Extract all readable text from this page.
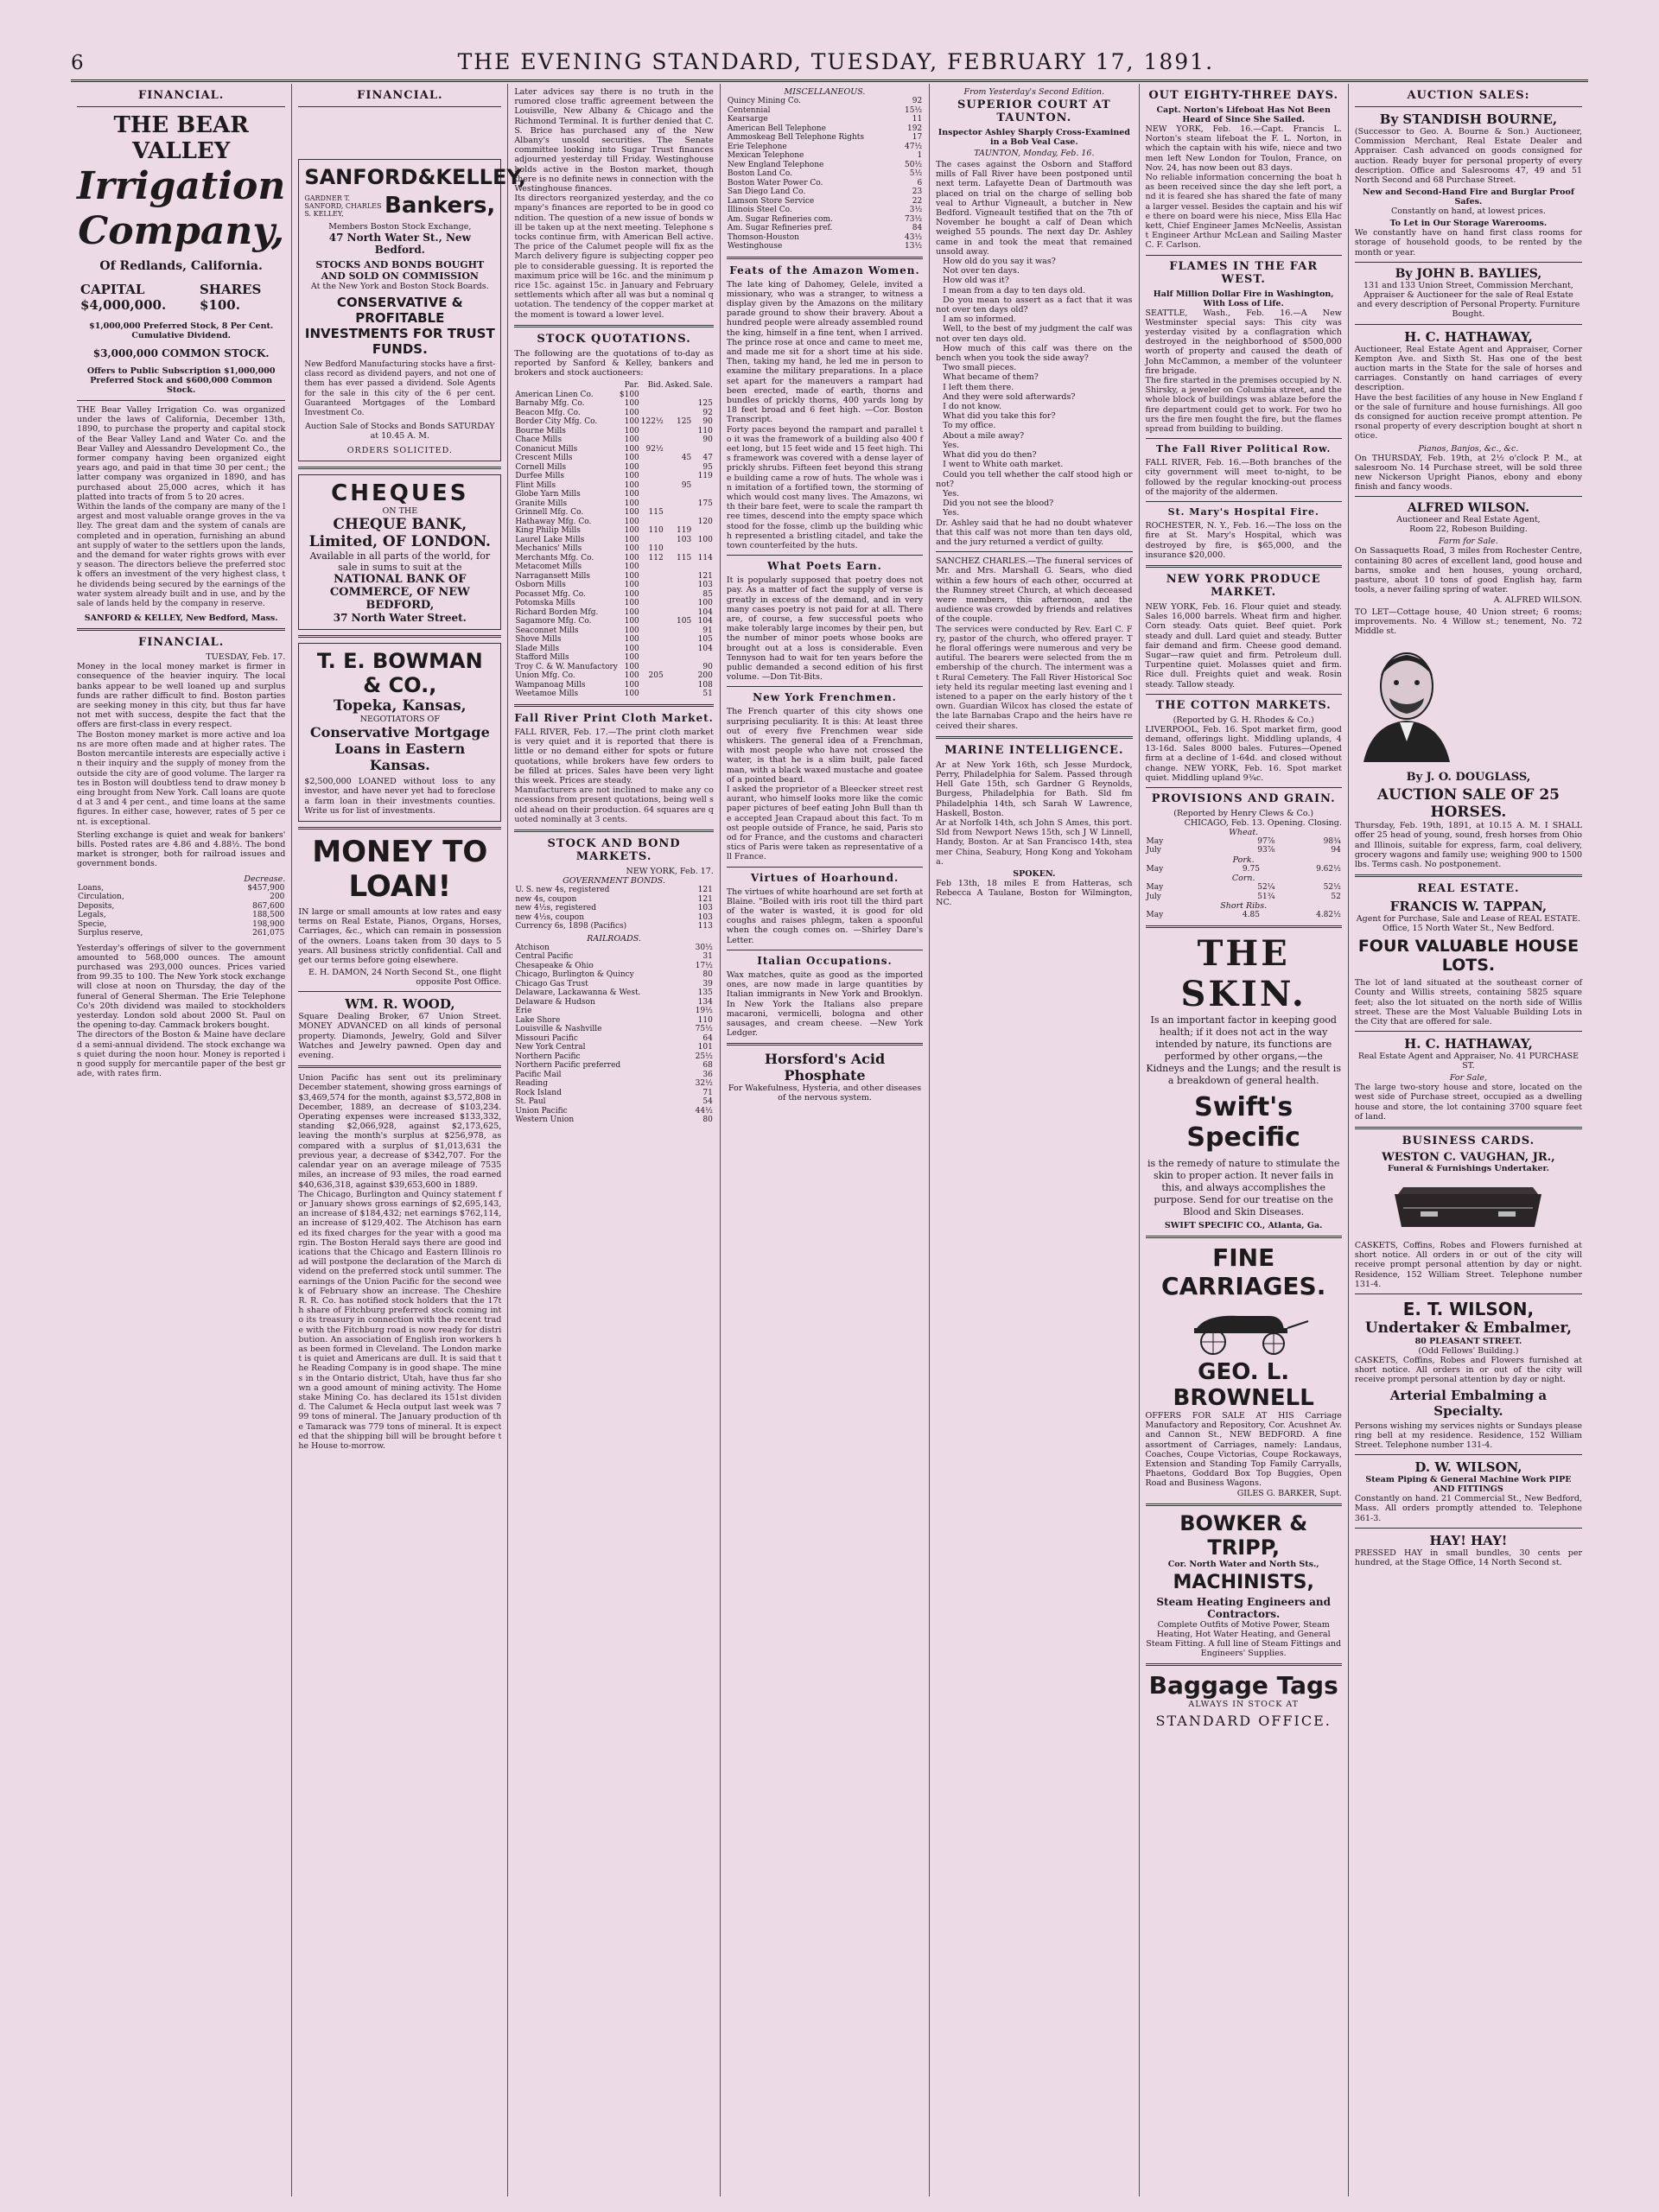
6	THE EVENING STANDARD, TUESDAY, FEBRUARY 17, 1891.
FINANCIAL.
THE BEAR VALLEY
Irrigation Company,
Of Redlands, California.
CAPITAL $4,000,000.
SHARES $100.
$1,000,000 Preferred Stock, 8 Per Cent. Cumulative Dividend.
$3,000,000 COMMON STOCK.
Offers to Public Subscription $1,000,000 Preferred Stock and $600,000 Common Stock.
THE Bear Valley Irrigation Co. was organized under the laws of California, December 13th, 1890, to purchase the property and capital stock of the Bear Valley Land and Water Co. and the Bear Valley and Alessandro Development Co., the former company having been organized eight years ago, and paid in that time 30 per cent.; the latter company was organized in 1890, and has purchased about 25,000 acres, which it has platted into tracts of from 5 to 20 acres.
Within the lands of the company are many of the largest and most valuable orange groves in the valley. The great dam and the system of canals are completed and in operation, furnishing an abundant supply of water to the settlers upon the lands, and the demand for water rights grows with every season. The directors believe the preferred stock offers an investment of the very highest class, the dividends being secured by the earnings of the water system already built and in use, and by the sale of lands held by the company in reserve.
SANFORD & KELLEY, New Bedford, Mass.
FINANCIAL.
TUESDAY, Feb. 17.
Money in the local money market is firmer in consequence of the heavier inquiry. The local banks appear to be well loaned up and surplus funds are rather difficult to find. Boston parties are seeking money in this city, but thus far have not met with success, despite the fact that the offers are first-class in every respect.
The Boston money market is more active and loans are more often made and at higher rates. The Boston mercantile interests are especially active in their inquiry and the supply of money from the outside the city are of good volume. The larger rates in Boston will doubtless tend to draw money being brought from New York. Call loans are quoted at 3 and 4 per cent., and time loans at the same figures. In either case, however, rates of 5 per cent. is exceptional.
Sterling exchange is quiet and weak for bankers' bills. Posted rates are 4.86 and 4.88½. The bond market is stronger, both for railroad issues and government bonds.
Decrease.
Loans,	$457,900
Circulation,	200
Deposits,	867,600
Legals,	188,500
Specie,	198,900
Surplus reserve,	261,075
Yesterday's offerings of silver to the government amounted to 568,000 ounces. The amount purchased was 293,000 ounces. Prices varied from 99.35 to 100. The New York stock exchange will close at noon on Thursday, the day of the funeral of General Sherman. The Erie Telephone Co's 20th dividend was mailed to stockholders yesterday. London sold about 2000 St. Paul on the opening to-day. Cammack brokers bought.
The directors of the Boston & Maine have declared a semi-annual dividend. The stock exchange was quiet during the noon hour. Money is reported in good supply for mercantile paper of the best grade, with rates firm.
FINANCIAL.
SANFORD&KELLEY,
GARDNER T. SANFORD, CHARLES S. KELLEY,	Bankers,
Members Boston Stock Exchange,
47 North Water St., New Bedford.
STOCKS AND BONDS BOUGHT AND SOLD ON COMMISSION
At the New York and Boston Stock Boards.
CONSERVATIVE & PROFITABLE INVESTMENTS FOR TRUST FUNDS.
New Bedford Manufacturing stocks have a first-class record as dividend payers, and not one of them has ever passed a dividend. Sole Agents for the sale in this city of the 6 per cent. Guaranteed Mortgages of the Lombard Investment Co.
Auction Sale of Stocks and Bonds SATURDAY at 10.45 A. M.
ORDERS SOLICITED.
CHEQUES
ON THE
CHEQUE BANK, Limited, OF LONDON.
Available in all parts of the world, for sale in sums to suit at the
NATIONAL BANK OF COMMERCE, OF NEW BEDFORD,
37 North Water Street.
T. E. BOWMAN & CO.,
Topeka, Kansas,
NEGOTIATORS OF
Conservative Mortgage Loans in Eastern Kansas.
$2,500,000 LOANED without loss to any investor, and have never yet had to foreclose a farm loan in their investments counties. Write us for list of investments.
MONEY TO LOAN!
IN large or small amounts at low rates and easy terms on Real Estate, Pianos, Organs, Horses, Carriages, &c., which can remain in possession of the owners. Loans taken from 30 days to 5 years. All business strictly confidential. Call and get our terms before going elsewhere.
E. H. DAMON, 24 North Second St., one flight opposite Post Office.
WM. R. WOOD,
Square Dealing Broker, 67 Union Street. MONEY ADVANCED on all kinds of personal property. Diamonds, Jewelry, Gold and Silver Watches and Jewelry pawned. Open day and evening.
Union Pacific has sent out its preliminary December statement, showing gross earnings of $3,469,574 for the month, against $3,572,808 in December, 1889, an decrease of $103,234. Operating expenses were increased $133,332, standing $2,066,928, against $2,173,625, leaving the month's surplus at $256,978, as compared with a surplus of $1,013,631 the previous year, a decrease of $342,707. For the calendar year on an average mileage of 7535 miles, an increase of 93 miles, the road earned $40,636,318, against $39,653,600 in 1889.
The Chicago, Burlington and Quincy statement for January shows gross earnings of $2,695,143, an increase of $184,432; net earnings $762,114, an increase of $129,402. The Atchison has earned its fixed charges for the year with a good margin. The Boston Herald says there are good indications that the Chicago and Eastern Illinois road will postpone the declaration of the March dividend on the preferred stock until summer. The earnings of the Union Pacific for the second week of February show an increase. The Cheshire R. R. Co. has notified stock holders that the 17th share of Fitchburg preferred stock coming into its treasury in connection with the recent trade with the Fitchburg road is now ready for distribution. An association of English iron workers has been formed in Cleveland. The London market is quiet and Americans are dull. It is said that the Reading Company is in good shape. The mines in the Ontario district, Utah, have thus far shown a good amount of mining activity. The Homestake Mining Co. has declared its 151st dividend. The Calumet & Hecla output last week was 799 tons of mineral. The January production of the Tamarack was 779 tons of mineral. It is expected that the shipping bill will be brought before the House to-morrow.
Later advices say there is no truth in the rumored close traffic agreement between the Louisville, New Albany & Chicago and the Richmond Terminal. It is further denied that C. S. Brice has purchased any of the New Albany's unsold securities. The Senate committee looking into Sugar Trust finances adjourned yesterday till Friday. Westinghouse holds active in the Boston market, though there is no definite news in connection with the Westinghouse finances.
Its directors reorganized yesterday, and the company's finances are reported to be in good condition. The question of a new issue of bonds will be taken up at the next meeting. Telephone stocks continue firm, with American Bell active. The price of the Calumet people will fix as the March delivery figure is subjecting copper people to considerable guessing. It is reported the maximum price will be 16c. and the minimum price 15c. against 15c. in January and February settlements which after all was but a nominal quotation. The tendency of the copper market at the moment is toward a lower level.
STOCK QUOTATIONS.
The following are the quotations of to-day as reported by Sanford & Kelley, bankers and brokers and stock auctioneers:
	Par.	Bid.	Asked.	Sale.
American Linen Co.	$100			
Barnaby Mfg. Co.	100			125
Beacon Mfg. Co.	100			92
Border City Mfg. Co.	100	122½	125	90
Bourne Mills	100			110
Chace Mills	100			90
Conanicut Mills	100	92½		
Crescent Mills	100		45	47
Cornell Mills	100			95
Durfee Mills	100			119
Flint Mills	100		95	
Globe Yarn Mills	100			
Granite Mills	100			175
Grinnell Mfg. Co.	100	115		
Hathaway Mfg. Co.	100			120
King Philip Mills	100	110	119	
Laurel Lake Mills	100		103	100
Mechanics' Mills	100	110		
Merchants Mfg. Co.	100	112	115	114
Metacomet Mills	100			
Narragansett Mills	100			121
Osborn Mills	100			103
Pocasset Mfg. Co.	100			85
Potomska Mills	100			100
Richard Borden Mfg.	100			104
Sagamore Mfg. Co.	100		105	104
Seaconnet Mills	100			91
Shove Mills	100			105
Slade Mills	100			104
Stafford Mills	100			
Troy C. & W. Manufactory	100			90
Union Mfg. Co.	100	205		200
Wampanoag Mills	100			108
Weetamoe Mills	100			51
Fall River Print Cloth Market.
FALL RIVER, Feb. 17.—The print cloth market is very quiet and it is reported that there is little or no demand either for spots or future quotations, while brokers have few orders to be filled at prices. Sales have been very light this week. Prices are steady.
Manufacturers are not inclined to make any concessions from present quotations, being well sold ahead on their production. 64 squares are quoted nominally at 3 cents.
STOCK AND BOND MARKETS.
NEW YORK, Feb. 17.
GOVERNMENT BONDS.
U. S. new 4s, registered	121
new 4s, coupon	121
new 4½s, registered	103
new 4½s, coupon	103
Currency 6s, 1898 (Pacifics)	113
RAILROADS.
Atchison	30½
Central Pacific	31
Chesapeake & Ohio	17½
Chicago, Burlington & Quincy	80
Chicago Gas Trust	39
Delaware, Lackawanna & West.	135
Delaware & Hudson	134
Erie	19½
Lake Shore	110
Louisville & Nashville	75½
Missouri Pacific	64
New York Central	101
Northern Pacific	25½
Northern Pacific preferred	68
Pacific Mail	36
Reading	32½
Rock Island	71
St. Paul	54
Union Pacific	44½
Western Union	80
MISCELLANEOUS.
Quincy Mining Co.	92
Centennial	15½
Kearsarge	11
American Bell Telephone	192
Ammoskeag Bell Telephone Rights	17
Erie Telephone	47½
Mexican Telephone	1
New England Telephone	50½
Boston Land Co.	5½
Boston Water Power Co.	6
San Diego Land Co.	23
Lamson Store Service	22
Illinois Steel Co.	3½
Am. Sugar Refineries com.	73½
Am. Sugar Refineries pref.	84
Thomson-Houston	43½
Westinghouse	13½
Feats of the Amazon Women.
The late king of Dahomey, Gelele, invited a missionary, who was a stranger, to witness a display given by the Amazons on the military parade ground to show their bravery. About a hundred people were already assembled round the king, himself in a fine tent, when I arrived. The prince rose at once and came to meet me, and made me sit for a short time at his side. Then, taking my hand, he led me in person to examine the military preparations. In a place set apart for the maneuvers a rampart had been erected, made of earth, thorns and bundles of prickly thorns, 400 yards long by 18 feet broad and 6 feet high. —Cor. Boston Transcript.
Forty paces beyond the rampart and parallel to it was the framework of a building also 400 feet long, but 15 feet wide and 15 feet high. This framework was covered with a dense layer of prickly shrubs. Fifteen feet beyond this strange building came a row of huts. The whole was in imitation of a fortified town, the storming of which would cost many lives. The Amazons, with their bare feet, were to scale the rampart three times, descend into the empty space which stood for the fosse, climb up the building which represented a bristling citadel, and take the town counterfeited by the huts.
What Poets Earn.
It is popularly supposed that poetry does not pay. As a matter of fact the supply of verse is greatly in excess of the demand, and in very many cases poetry is not paid for at all. There are, of course, a few successful poets who make tolerably large incomes by their pen, but the number of minor poets whose books are brought out at a loss is considerable. Even Tennyson had to wait for ten years before the public demanded a second edition of his first volume. —Don Tit-Bits.
New York Frenchmen.
The French quarter of this city shows one surprising peculiarity. It is this: At least three out of every five Frenchmen wear side whiskers. The general idea of a Frenchman, with most people who have not crossed the water, is that he is a slim built, pale faced man, with a black waxed mustache and goatee of a pointed beard.
I asked the proprietor of a Bleecker street restaurant, who himself looks more like the comic paper pictures of beef eating John Bull than the accepted Jean Crapaud about this fact. To most people outside of France, he said, Paris stood for France, and the customs and characteristics of Paris were taken as representative of all France.
Virtues of Hoarhound.
The virtues of white hoarhound are set forth at Blaine. "Boiled with iris root till the third part of the water is wasted, it is good for old coughs and raises phlegm, taken a spoonful when the cough comes on. —Shirley Dare's Letter.
Italian Occupations.
Wax matches, quite as good as the imported ones, are now made in large quantities by Italian immigrants in New York and Brooklyn. In New York the Italians also prepare macaroni, vermicelli, bologna and other sausages, and cream cheese. —New York Ledger.
Horsford's Acid Phosphate
For Wakefulness, Hysteria, and other diseases of the nervous system.
From Yesterday's Second Edition.
SUPERIOR COURT AT TAUNTON.
Inspector Ashley Sharply Cross-Examined in a Bob Veal Case.
TAUNTON, Monday, Feb. 16.
The cases against the Osborn and Stafford mills of Fall River have been postponed until next term. Lafayette Dean of Dartmouth was placed on trial on the charge of selling bob veal to Arthur Vigneault, a butcher in New Bedford. Vigneault testified that on the 7th of November he bought a calf of Dean which weighed 55 pounds. The next day Dr. Ashley came in and took the meat that remained unsold away.
How old do you say it was?
Not over ten days.
How old was it?
I mean from a day to ten days old.
Do you mean to assert as a fact that it was not over ten days old?
I am so informed.
Well, to the best of my judgment the calf was not over ten days old.
How much of this calf was there on the bench when you took the side away?
Two small pieces.
What became of them?
I left them there.
And they were sold afterwards?
I do not know.
What did you take this for?
To my office.
About a mile away?
Yes.
What did you do then?
I went to White oath market.
Could you tell whether the calf stood high or not?
Yes.
Did you not see the blood?
Yes.
Dr. Ashley said that he had no doubt whatever that this calf was not more than ten days old, and the jury returned a verdict of guilty.
SANCHEZ CHARLES.—The funeral services of Mr. and Mrs. Marshall G. Sears, who died within a few hours of each other, occurred at the Rumney street Church, at which deceased were members, this afternoon, and the audience was crowded by friends and relatives of the couple.
The services were conducted by Rev. Earl C. Fry, pastor of the church, who offered prayer. The floral offerings were numerous and very beautiful. The bearers were selected from the membership of the church. The interment was at Rural Cemetery. The Fall River Historical Society held its regular meeting last evening and listened to a paper on the early history of the town. Guardian Wilcox has closed the estate of the late Barnabas Crapo and the heirs have received their shares.
MARINE INTELLIGENCE.
Ar at New York 16th, sch Jesse Murdock, Perry, Philadelphia for Salem. Passed through Hell Gate 15th, sch Gardner G Reynolds, Burgess, Philadelphia for Bath. Sld fm Philadelphia 14th, sch Sarah W Lawrence, Haskell, Boston.
Ar at Norfolk 14th, sch John S Ames, this port. Sld from Newport News 15th, sch J W Linnell, Handy, Boston. Ar at San Francisco 14th, steamer China, Seabury, Hong Kong and Yokohama.
SPOKEN.
Feb 13th, 18 miles E from Hatteras, sch Rebecca A Taulane, Boston for Wilmington, NC.
OUT EIGHTY-THREE DAYS.
Capt. Norton's Lifeboat Has Not Been Heard of Since She Sailed.
NEW YORK, Feb. 16.—Capt. Francis L. Norton's steam lifeboat the F. L. Norton, in which the captain with his wife, niece and two men left New London for Toulon, France, on Nov. 24, has now been out 83 days.
No reliable information concerning the boat has been received since the day she left port, and it is feared she has shared the fate of many a larger vessel. Besides the captain and his wife there on board were his niece, Miss Ella Hackett, Chief Engineer James McNeelis, Assistant Engineer Arthur McLean and Sailing Master C. F. Carlson.
FLAMES IN THE FAR WEST.
Half Million Dollar Fire in Washington, With Loss of Life.
SEATTLE, Wash., Feb. 16.—A New Westminster special says: This city was yesterday visited by a conflagration which destroyed in the neighborhood of $500,000 worth of property and caused the death of John McCammon, a member of the volunteer fire brigade.
The fire started in the premises occupied by N. Shirsky, a jeweler on Columbia street, and the whole block of buildings was ablaze before the fire department could get to work. For two hours the fire men fought the fire, but the flames spread from building to building.
The Fall River Political Row.
FALL RIVER, Feb. 16.—Both branches of the city government will meet to-night, to be followed by the regular knocking-out process of the majority of the aldermen.
St. Mary's Hospital Fire.
ROCHESTER, N. Y., Feb. 16.—The loss on the fire at St. Mary's Hospital, which was destroyed by fire, is $65,000, and the insurance $20,000.
NEW YORK PRODUCE MARKET.
NEW YORK, Feb. 16. Flour quiet and steady. Sales 16,000 barrels. Wheat firm and higher. Corn steady. Oats quiet. Beef quiet. Pork steady and dull. Lard quiet and steady. Butter fair demand and firm. Cheese good demand. Sugar—raw quiet and firm. Petroleum dull. Turpentine quiet. Molasses quiet and firm. Rice dull. Freights quiet and weak. Rosin steady. Tallow steady.
THE COTTON MARKETS.
(Reported by G. H. Rhodes & Co.)
LIVERPOOL, Feb. 16. Spot market firm, good demand, offerings light. Middling uplands, 4 13-16d. Sales 8000 bales. Futures—Opened firm at a decline of 1-64d. and closed without change. NEW YORK, Feb. 16. Spot market quiet. Middling upland 9¾c.
PROVISIONS AND GRAIN.
(Reported by Henry Clews & Co.)
CHICAGO, Feb. 13. Opening. Closing.
Wheat.
May	97⅞	98¾
July	93⅞	94
Pork.
May	9.75	9.62½
Corn.
May	52¼	52½
July	51¾	52
Short Ribs.
May	4.85	4.82½
THE SKIN.
Is an important factor in keeping good health; if it does not act in the way intended by nature, its functions are performed by other organs,—the Kidneys and the Lungs; and the result is a breakdown of general health.
Swift's Specific
is the remedy of nature to stimulate the skin to proper action. It never fails in this, and always accomplishes the purpose. Send for our treatise on the Blood and Skin Diseases.
SWIFT SPECIFIC CO., Atlanta, Ga.
FINE CARRIAGES.
GEO. L. BROWNELL
OFFERS FOR SALE AT HIS Carriage Manufactory and Repository, Cor. Acushnet Av. and Cannon St., NEW BEDFORD. A fine assortment of Carriages, namely: Landaus, Coaches, Coupe Victorias, Coupe Rockaways, Extension and Standing Top Family Carryalls, Phaetons, Goddard Box Top Buggies, Open Road and Business Wagons.
GILES G. BARKER, Supt.
BOWKER & TRIPP,
Cor. North Water and North Sts.,
MACHINISTS,
Steam Heating Engineers and Contractors.
Complete Outfits of Motive Power, Steam Heating, Hot Water Heating, and General Steam Fitting. A full line of Steam Fittings and Engineers' Supplies.
Baggage Tags
ALWAYS IN STOCK AT
STANDARD OFFICE.
AUCTION SALES:
By STANDISH BOURNE,
(Successor to Geo. A. Bourne & Son.) Auctioneer, Commission Merchant, Real Estate Dealer and Appraiser. Cash advanced on goods consigned for auction. Ready buyer for personal property of every description. Office and Salesrooms 47, 49 and 51 North Second and 68 Purchase Street.
New and Second-Hand Fire and Burglar Proof Safes.
Constantly on hand, at lowest prices.
To Let in Our Storage Warerooms.
We constantly have on hand first class rooms for storage of household goods, to be rented by the month or year.
By JOHN B. BAYLIES,
131 and 133 Union Street, Commission Merchant, Appraiser & Auctioneer for the sale of Real Estate and every description of Personal Property. Furniture Bought.
H. C. HATHAWAY,
Auctioneer, Real Estate Agent and Appraiser, Corner Kempton Ave. and Sixth St. Has one of the best auction marts in the State for the sale of horses and carriages. Constantly on hand carriages of every description.
Have the best facilities of any house in New England for the sale of furniture and house furnishings. All goods consigned for auction receive prompt attention. Personal property of every description bought at short notice.
Pianos, Banjos, &c., &c.
On THURSDAY, Feb. 19th, at 2½ o'clock P. M., at salesroom No. 14 Purchase street, will be sold three new Nickerson Upright Pianos, ebony and ebony finish and fancy woods.
ALFRED WILSON.
Auctioneer and Real Estate Agent,
Room 22, Robeson Building.
Farm for Sale.
On Sassaquetts Road, 3 miles from Rochester Centre, containing 80 acres of excellent land, good house and barns, smoke and hen houses, young orchard, pasture, about 10 tons of good English hay, farm tools, a never failing spring of water.
A. ALFRED WILSON.
TO LET—Cottage house, 40 Union street; 6 rooms; improvements. No. 4 Willow st.; tenement, No. 72 Middle st.
By J. O. DOUGLASS,
AUCTION SALE OF 25 HORSES.
Thursday, Feb. 19th, 1891, at 10.15 A. M. I SHALL offer 25 head of young, sound, fresh horses from Ohio and Illinois, suitable for express, farm, coal delivery, grocery wagons and family use; weighing 900 to 1500 lbs. Terms cash. No postponement.
REAL ESTATE.
FRANCIS W. TAPPAN,
Agent for Purchase, Sale and Lease of REAL ESTATE.
Office, 15 North Water St., New Bedford.
FOUR VALUABLE HOUSE LOTS.
The lot of land situated at the southeast corner of County and Willis streets, containing 5825 square feet; also the lot situated on the north side of Willis street. These are the Most Valuable Building Lots in the City that are offered for sale.
H. C. HATHAWAY,
Real Estate Agent and Appraiser, No. 41 PURCHASE ST.
For Sale,
The large two-story house and store, located on the west side of Purchase street, occupied as a dwelling house and store, the lot containing 3700 square feet of land.
BUSINESS CARDS.
WESTON C. VAUGHAN, JR.,
Funeral & Furnishings Undertaker.
CASKETS, Coffins, Robes and Flowers furnished at short notice. All orders in or out of the city will receive prompt personal attention by day or night. Residence, 152 William Street. Telephone number 131-4.
E. T. WILSON,
Undertaker & Embalmer,
80 PLEASANT STREET.
(Odd Fellows' Building.)
CASKETS, Coffins, Robes and Flowers furnished at short notice. All orders in or out of the city will receive prompt personal attention by day or night.
Arterial Embalming a Specialty.
Persons wishing my services nights or Sundays please ring bell at my residence. Residence, 152 William Street. Telephone number 131-4.
D. W. WILSON,
Steam Piping & General Machine Work PIPE AND FITTINGS
Constantly on hand. 21 Commercial St., New Bedford, Mass. All orders promptly attended to. Telephone 361-3.
HAY! HAY!
PRESSED HAY in small bundles, 30 cents per hundred, at the Stage Office, 14 North Second st.
